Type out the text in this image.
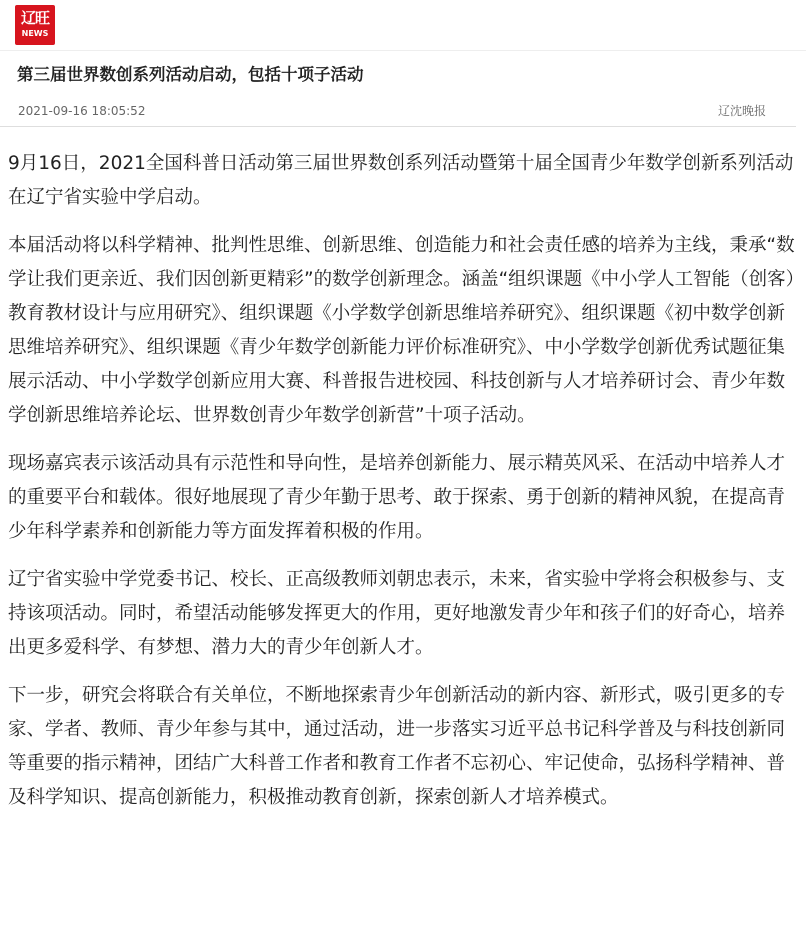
辽旺
NEWS
第三届世界数创系列活动启动，包括十项子活动
2021-09-16 18:05:52	辽沈晚报

9月16日，2021全国科普日活动第三届世界数创系列活动暨第十届全国青少年数学创新系列活动在辽宁省实验中学启动。

本届活动将以科学精神、批判性思维、创新思维、创造能力和社会责任感的培养为主线，秉承“数学让我们更亲近、我们因创新更精彩”的数学创新理念。涵盖“组织课题《中小学人工智能（创客）教育教材设计与应用研究》、组织课题《小学数学创新思维培养研究》、组织课题《初中数学创新思维培养研究》、组织课题《青少年数学创新能力评价标准研究》、中小学数学创新优秀试题征集展示活动、中小学数学创新应用大赛、科普报告进校园、科技创新与人才培养研讨会、青少年数学创新思维培养论坛、世界数创青少年数学创新营”十项子活动。

现场嘉宾表示该活动具有示范性和导向性，是培养创新能力、展示精英风采、在活动中培养人才的重要平台和载体。很好地展现了青少年勤于思考、敢于探索、勇于创新的精神风貌，在提高青少年科学素养和创新能力等方面发挥着积极的作用。

辽宁省实验中学党委书记、校长、正高级教师刘朝忠表示，未来，省实验中学将会积极参与、支持该项活动。同时，希望活动能够发挥更大的作用，更好地激发青少年和孩子们的好奇心，培养出更多爱科学、有梦想、潜力大的青少年创新人才。

下一步，研究会将联合有关单位，不断地探索青少年创新活动的新内容、新形式，吸引更多的专家、学者、教师、青少年参与其中，通过活动，进一步落实习近平总书记科学普及与科技创新同等重要的指示精神，团结广大科普工作者和教育工作者不忘初心、牢记使命，弘扬科学精神、普及科学知识、提高创新能力，积极推动教育创新，探索创新人才培养模式。
